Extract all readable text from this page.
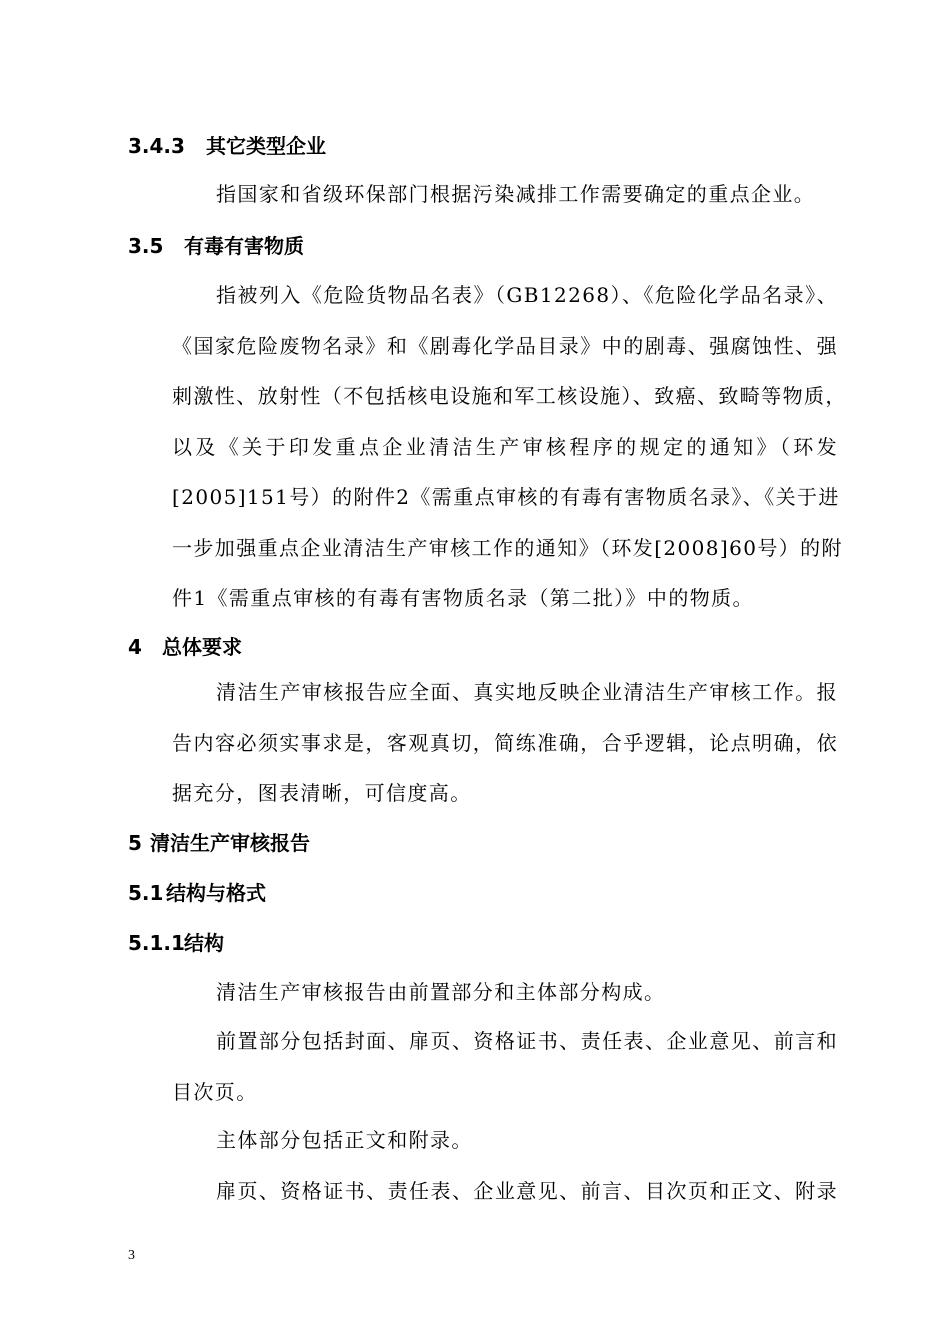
3.4.3 其它类型企业
指国家和省级环保部门根据污染减排工作需要确定的重点企业。
3.5 有毒有害物质
指被列入《危险货物品名表》（GB12268）、《危险化学品名录》、
《国家危险废物名录》和《剧毒化学品目录》中的剧毒、强腐蚀性、强
刺激性、放射性（不包括核电设施和军工核设施）、致癌、致畸等物质，
以及《关于印发重点企业清洁生产审核程序的规定的通知》（环发
[2005]151号）的附件2《需重点审核的有毒有害物质名录》、《关于进
一步加强重点企业清洁生产审核工作的通知》（环发[2008]60号）的附
件1《需重点审核的有毒有害物质名录（第二批）》中的物质。
4 总体要求
清洁生产审核报告应全面、真实地反映企业清洁生产审核工作。报
告内容必须实事求是，客观真切，简练准确，合乎逻辑，论点明确，依
据充分，图表清晰，可信度高。
5 清洁生产审核报告
5.1 结构与格式
5.1.1结构
清洁生产审核报告由前置部分和主体部分构成。
前置部分包括封面、扉页、资格证书、责任表、企业意见、前言和
目次页。
主体部分包括正文和附录。
扉页、资格证书、责任表、企业意见、前言、目次页和正文、附录
3
